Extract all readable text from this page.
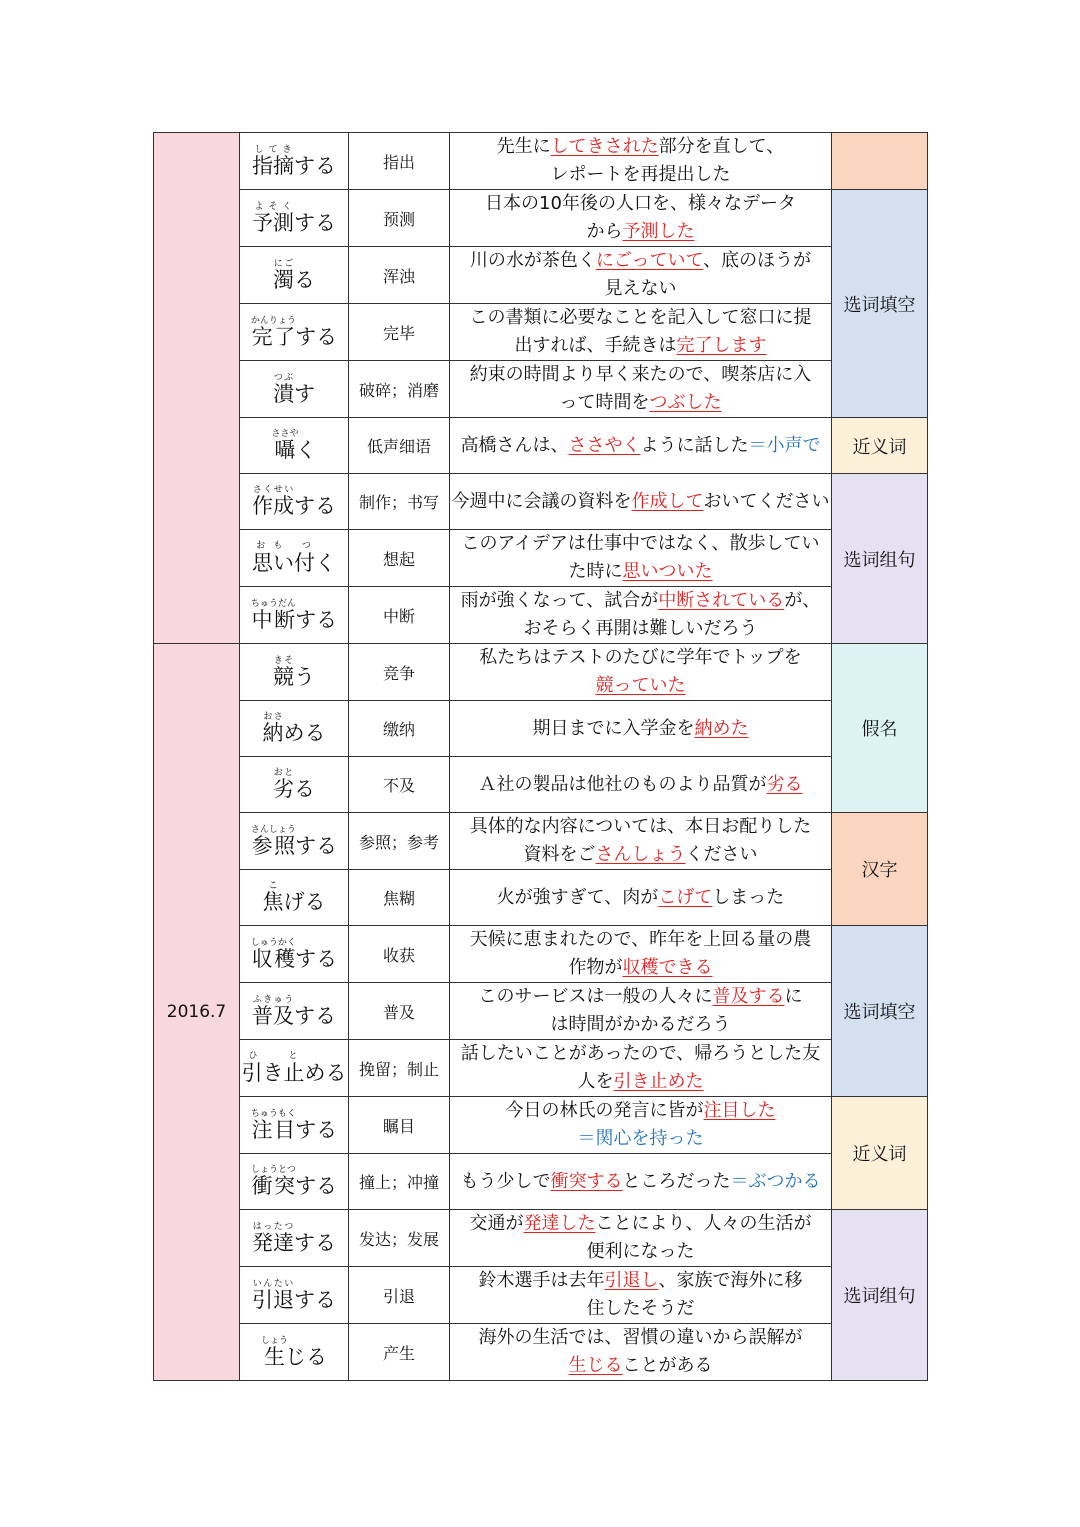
	指摘してきする	指出	先生にしてきされた部分を直して、
レポートを再提出した	

	予測よそくする	预测	日本の10年後の人口を、様々なデータ
から予測した	选词填空
	濁にごる	浑浊	川の水が茶色くにごっていて、底のほうが
見えない	

	完了かんりょうする	完毕	この書類に必要なことを記入して窓口に提
出すれば、手続きは完了します	

	潰つぶす	破碎；消磨	約束の時間より早く来たので、喫茶店に入
って時間をつぶした	

	囁ささやく	低声细语	高橋さんは、ささやくように話した＝小声で	近义词
	作成さくせいする	制作；书写	今週中に会議の資料を作成しておいてください	选词组句
	思い付おも つく	想起	このアイデアは仕事中ではなく、散歩してい
た時に思いついた	

	中断ちゅうだんする	中断	雨が強くなって、試合が中断されているが、
おそらく再開は難しいだろう	

2016.7	競きそう	竞争	私たちはテストのたびに学年でトップを
競っていた	假名
	納おさめる	缴纳	期日までに入学金を納めた	

	劣おとる	不及	Ａ社の製品は他社のものより品質が劣る	

	参照さんしょうする	参照；参考	具体的な内容については、本日お配りした
資料をごさんしょうください	汉字
	焦こげる	焦糊	火が強すぎて、肉がこげてしまった	

	収穫しゅうかくする	收获	天候に恵まれたので、昨年を上回る量の農
作物が収穫できる	选词填空
	普及ふきゅうする	普及	このサービスは一般の人々に普及するに
は時間がかかるだろう	

	引き止ひ とめる	挽留；制止	話したいことがあったので、帰ろうとした友
人を引き止めた	

	注目ちゅうもくする	瞩目	今日の林氏の発言に皆が注目した
＝関心を持った	近义词
	衝突しょうとつする	撞上；冲撞	もう少しで衝突するところだった＝ぶつかる	

	発達はったつする	发达；发展	交通が発達したことにより、人々の生活が
便利になった	选词组句
	引退いんたいする	引退	鈴木選手は去年引退し、家族で海外に移
住したそうだ	

	生しょうじる	产生	海外の生活では、習慣の違いから誤解が
生じることがある	
